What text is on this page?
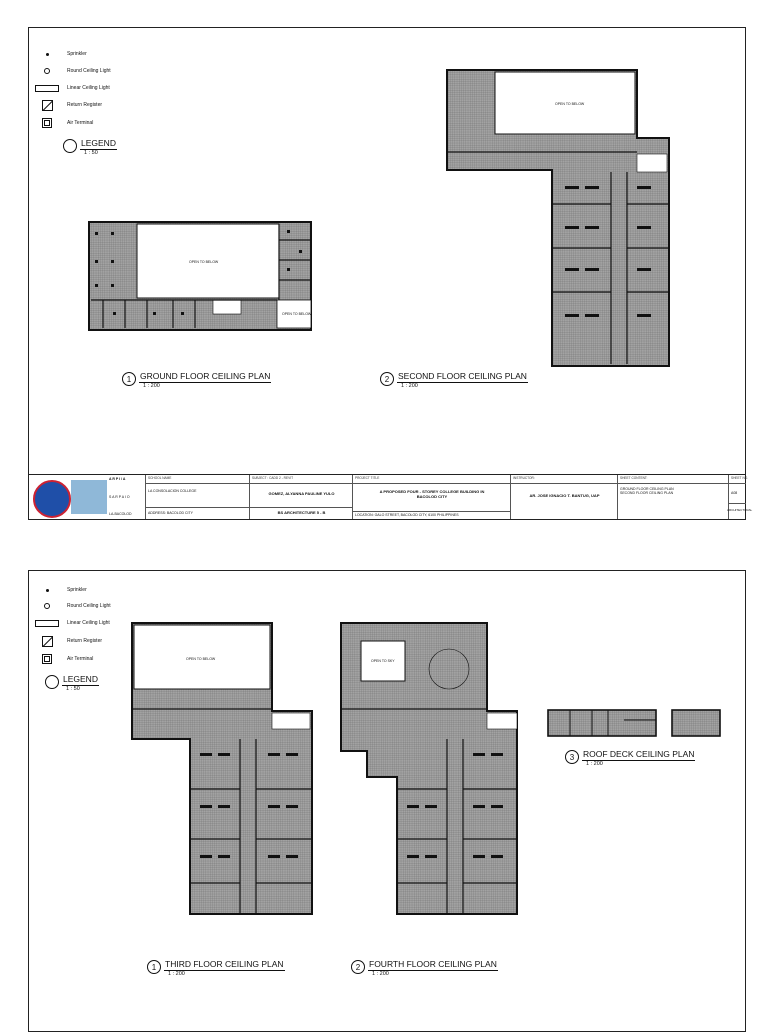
Sprinkler
Round Ceiling Light
Linear Ceiling Light
Return Register
Air Terminal
LEGEND
1 : 50
OPEN TO BELOW
OPEN TO BELOW
OPEN TO BELOW
1	GROUND FLOOR CEILING PLAN
1 : 200
2	SECOND FLOOR CEILING PLAN
1 : 200
A R P I / A
S A R P A I O
LA-BACOLOD
SCHOOL NAME
LA CONSOLACION COLLEGE
ADDRESS: BACOLOD CITY
SUBJECT : CADD 2 - REVIT
GOMEZ, ALYANNA PAULINE YULO
BS ARCHITECTURE 5 - B
PROJECT TITLE
A PROPOSED FOUR - STOREY COLLEGE BUILDING IN BACOLOD CITY
LOCATION: GALO STREET, BACOLOD CITY, 6100 PHILIPPINES
INSTRUCTOR:
AR. JOSE IGNACIO T. BANTUG, UAP
SHEET CONTENT:
GROUND FLOOR CEILING PLAN SECOND FLOOR CEILING PLAN
SHEET NO.
A08
ARCHITECTURAL
Sprinkler
Round Ceiling Light
Linear Ceiling Light
Return Register
Air Terminal
LEGEND
1 : 50
OPEN TO BELOW	OPEN TO SKY
1	THIRD FLOOR CEILING PLAN
1 : 200
2	FOURTH FLOOR CEILING PLAN
1 : 200
3	ROOF DECK CEILING PLAN
1 : 200
